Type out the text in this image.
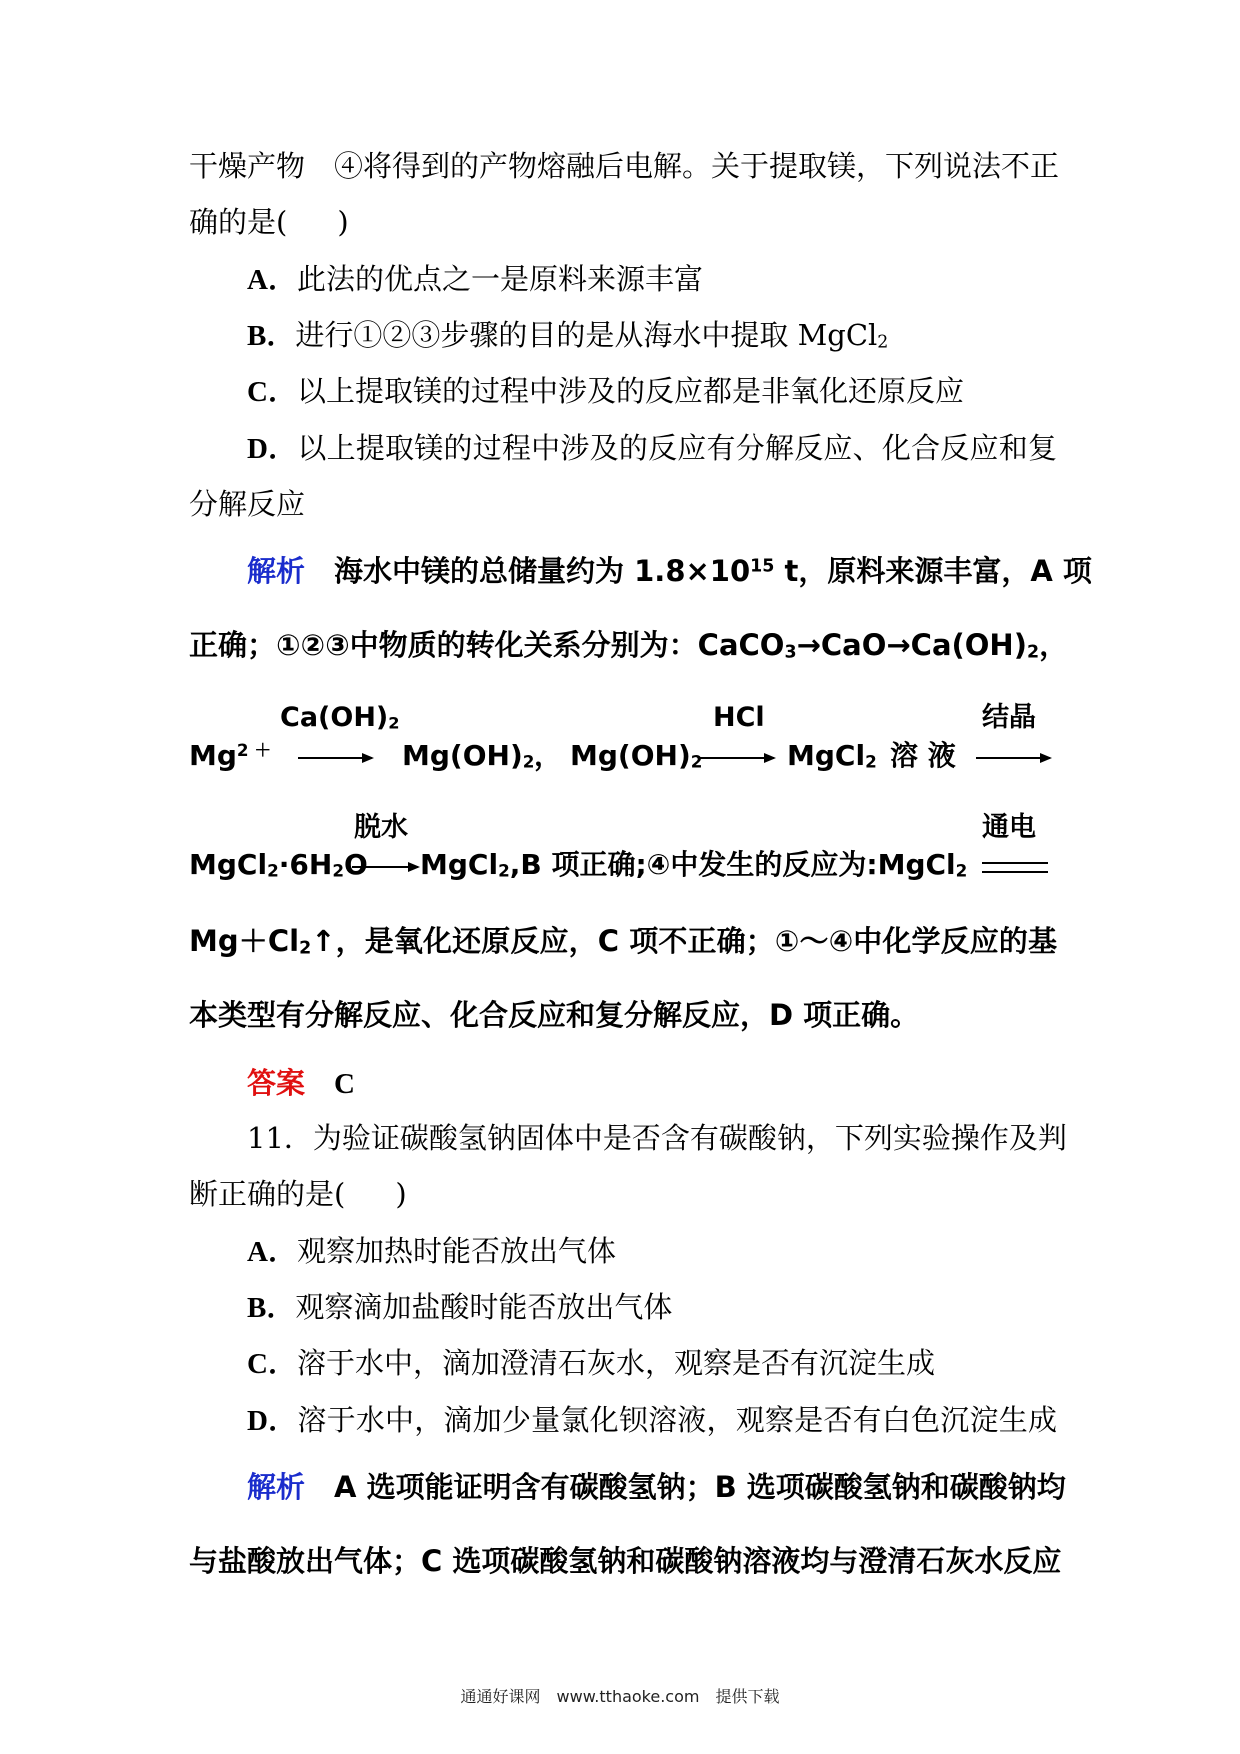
干燥产物　④将得到的产物熔融后电解。关于提取镁，下列说法不正
确的是( )
A．此法的优点之一是原料来源丰富
B．进行①②③步骤的目的是从海水中提取 MgCl$_2$
C．以上提取镁的过程中涉及的反应都是非氧化还原反应
D．以上提取镁的过程中涉及的反应有分解反应、化合反应和复
分解反应
解析　 海水中镁的总储量约为 $1.8\times 10^{15}$ t，原料来源丰富，A 项
正确；①②③中物质的转化关系分别为：$CaCO_3\to CaO\to Ca(OH)_2$，
$Ca(OH)_2$	HCl	结晶
$Mg^{2 +}$	$Mg(OH)_2$ ， $Mg(OH)_2$	MgCl$_2$ 溶 液
脱水	通电
$MgCl_2\cdot 6H_2O$ MgCl$_2$,B 项正确;④中发生的反应为:MgCl$_2$
$Mg+Cl_2↑$，是氧化还原反应，C 项不正确；①～④中化学反应的基
本类型有分解反应、化合反应和复分解反应，D 项正确。
答案　 C
11．为验证碳酸氢钠固体中是否含有碳酸钠，下列实验操作及判
断正确的是( )
A．观察加热时能否放出气体
B．观察滴加盐酸时能否放出气体
C．溶于水中，滴加澄清石灰水，观察是否有沉淀生成
D．溶于水中，滴加少量氯化钡溶液，观察是否有白色沉淀生成
解析　 A 选项能证明含有碳酸氢钠；B 选项碳酸氢钠和碳酸钠均
与盐酸放出气体；C 选项碳酸氢钠和碳酸钠溶液均与澄清石灰水反应
通通好课网　www.tthaoke.com　提供下载
